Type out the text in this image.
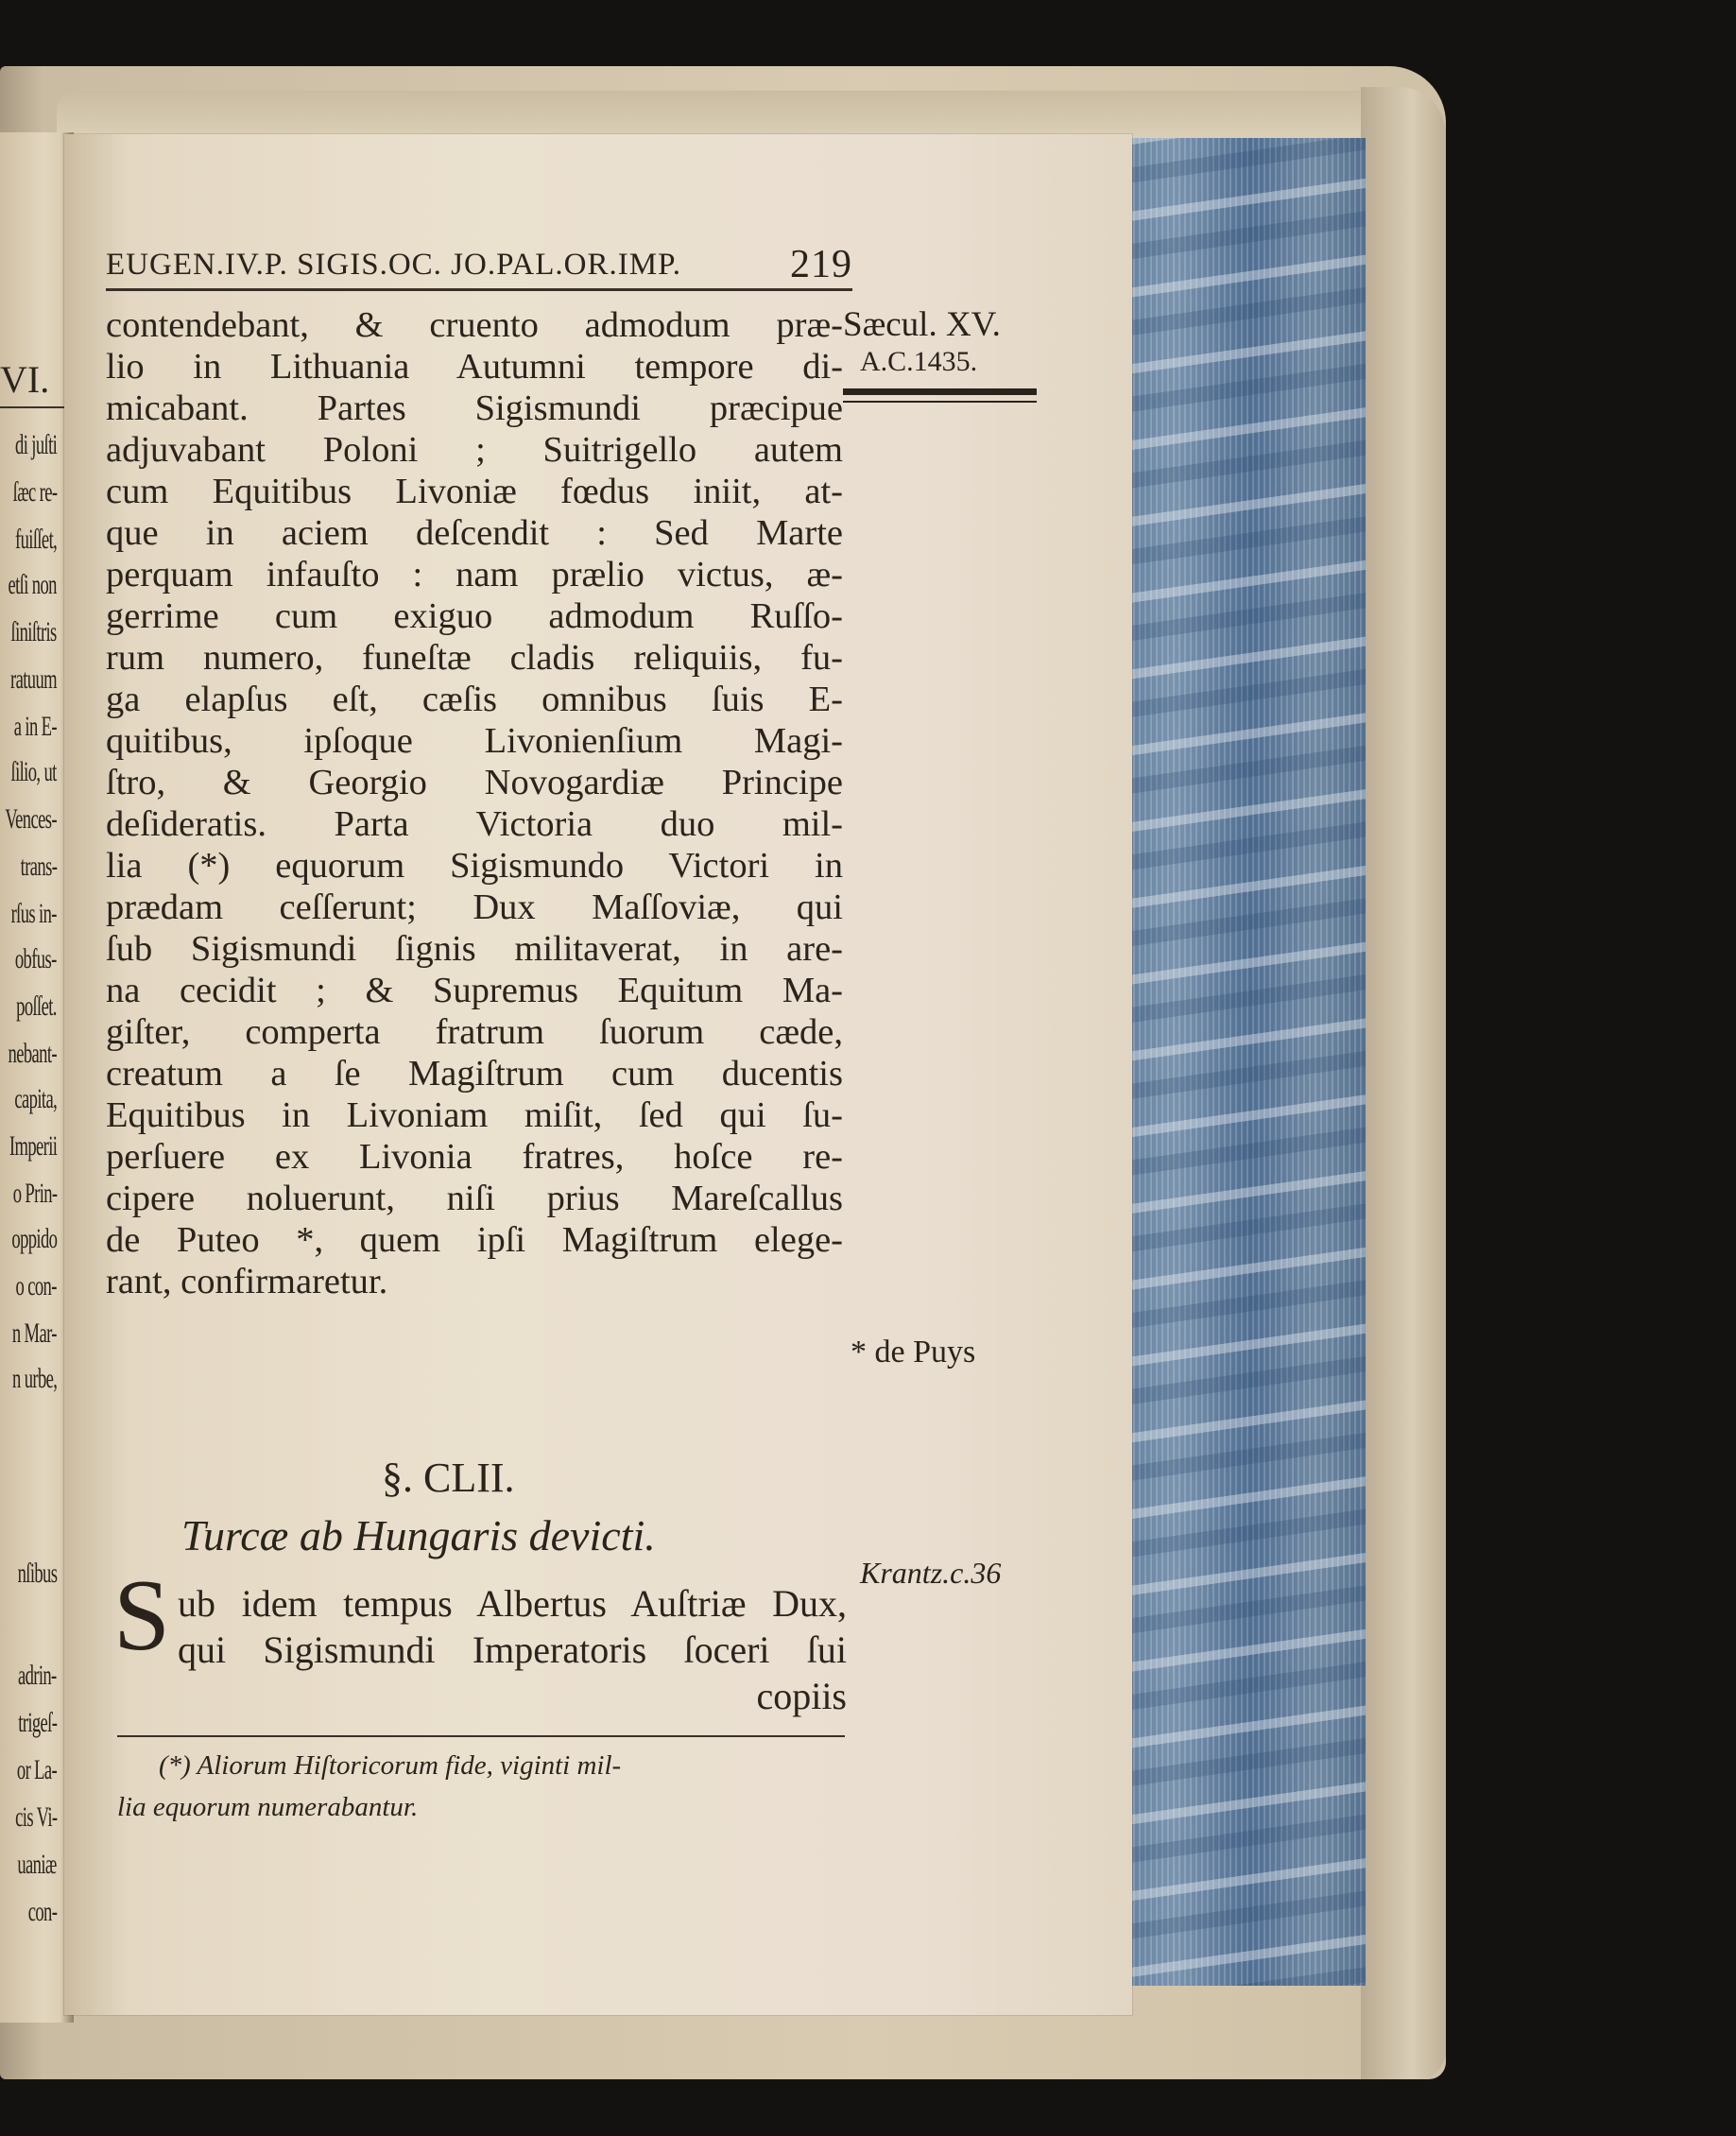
VI.
di juſti
ſæc re-
fuiſſet,
etſi non
ſiniſtris
ratuum
a in E-
ſilio, ut
Vences-
trans-
rſus in-
obfus-
poſſet.
nebant-
capita,
Imperii
o Prin-
oppido
o con-
n Mar-
n urbe,
nſibus
adrin-
trigeſ-
or La-
cis Vi-
uaniæ
con-
EUGEN.IV.P. SIGIS.OC. JO.PAL.OR.IMP.	219
Sæcul. XV.
A.C.1435.
contendebant, & cruento admodum præ-
lio in Lithuania Autumni tempore di-
micabant. Partes Sigismundi præcipue
adjuvabant Poloni ; Suitrigello autem
cum Equitibus Livoniæ fœdus iniit, at-
que in aciem deſcendit : Sed Marte
perquam infauſto : nam prælio victus, æ-
gerrime cum exiguo admodum Ruſſo-
rum numero, funeſtæ cladis reliquiis, fu-
ga elapſus eſt, cæſis omnibus ſuis E-
quitibus, ipſoque Livonienſium Magi-
ſtro, & Georgio Novogardiæ Principe
deſideratis. Parta Victoria duo mil-
lia (*) equorum Sigismundo Victori in
prædam ceſſerunt; Dux Maſſoviæ, qui
ſub Sigismundi ſignis militaverat, in are-
na cecidit ; & Supremus Equitum Ma-
giſter, comperta fratrum ſuorum cæde,
creatum a ſe Magiſtrum cum ducentis
Equitibus in Livoniam miſit, ſed qui ſu-
perſuere ex Livonia fratres, hoſce re-
cipere noluerunt, niſi prius Mareſcallus
de Puteo *, quem ipſi Magiſtrum elege-
rant, confirmaretur.
* de Puys
§. CLII.
Turcæ ab Hungaris devicti.
Krantz.c.36
S ub idem tempus Albertus Auſtriæ Dux,
qui Sigismundi Imperatoris ſoceri ſui
copiis
(*) Aliorum Hiſtoricorum fide, viginti mil-
lia equorum numerabantur.
